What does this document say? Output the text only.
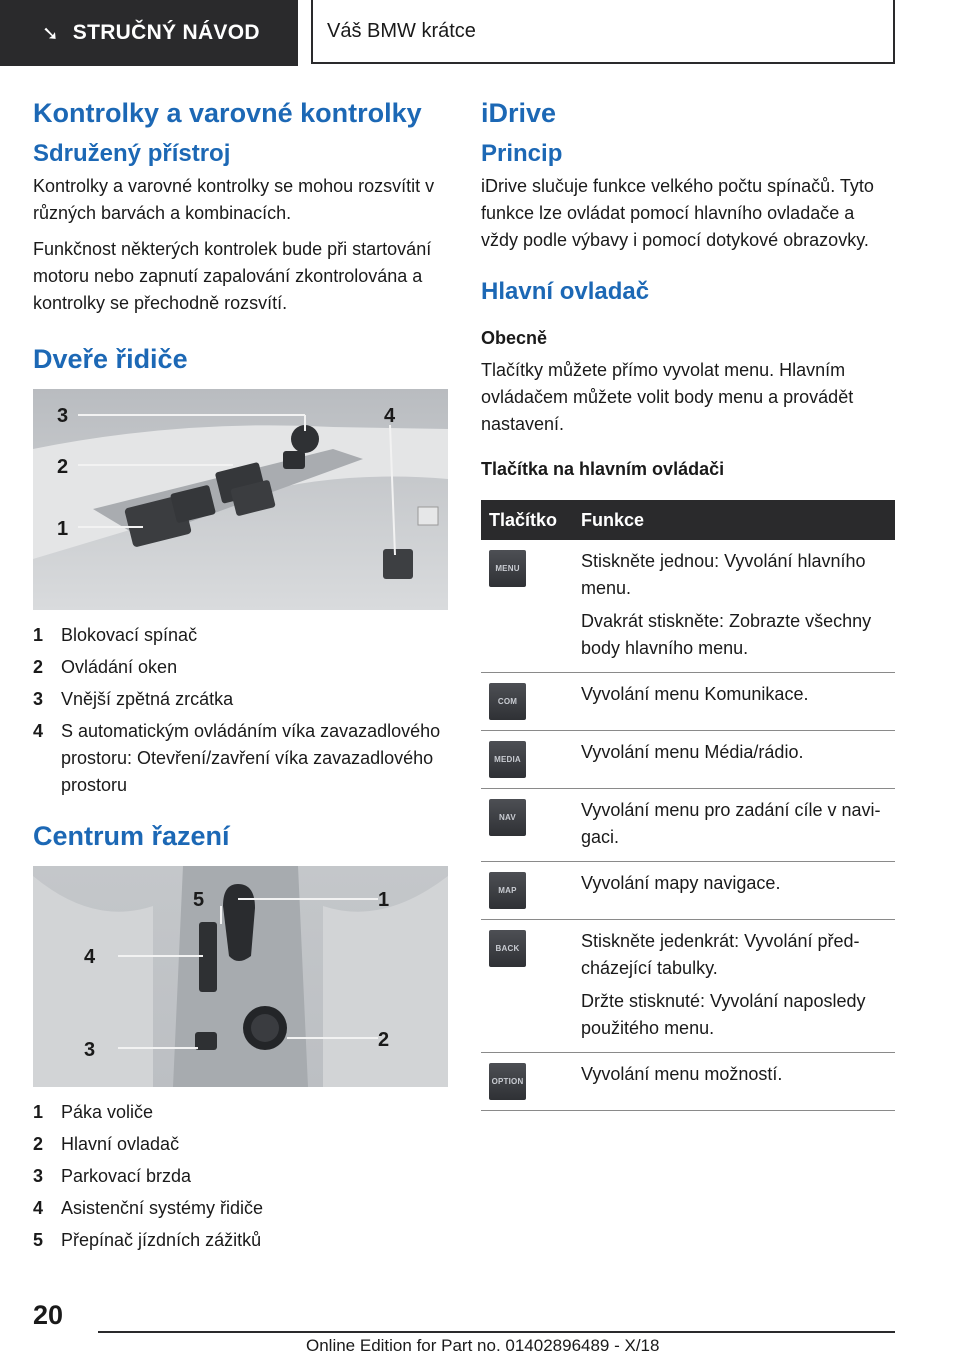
➘ STRUČNÝ NÁVOD	Váš BMW krátce
Kontrolky a varovné kontrolky
Sdružený přístroj

Kontrolky a varovné kontrolky se mohou rozsvítit v různých barvách a kombinacích.

Funkčnost některých kontrolek bude při startování motoru nebo zapnutí zapalování zkontrolována a kontrolky se přechodně rozsvítí.

Dveře řidiče
3	4
2
1
1 Blokovací spínač
2 Ovládání oken
3 Vnější zpětná zrcátka
4 S automatickým ovládáním víka zavazadlového prostoru: Otevření/zavření víka zavazadlového prostoru
Centrum řazení
5	1
4
2
3
1 Páka voliče
2 Hlavní ovladač
3 Parkovací brzda
4 Asistenční systémy řidiče
5 Přepínač jízdních zážitků
iDrive
Princip

iDrive slučuje funkce velkého počtu spínačů. Tyto funkce lze ovládat pomocí hlavního ovladače a vždy podle výbavy i pomocí dotykové obrazovky.

Hlavní ovladač
Obecně

Tlačítky můžete přímo vyvolat menu. Hlavním ovládačem můžete volit body menu a provádět nastavení.

Tlačítka na hlavním ovládači
Tlačítko	Funkce

MENU	Stiskněte jednou: Vyvolání hlavního menu.

Dvakrát stiskněte: Zobrazte všechny body hlavního menu.

COM	Vyvolání menu Komunikace.

MEDIA	Vyvolání menu Média/rádio.

NAV	Vyvolání menu pro zadání cíle v navigaci.

MAP	Vyvolání mapy navigace.

BACK	Stiskněte jedenkrát: Vyvolání předcházející tabulky.

Držte stisknuté: Vyvolání naposledy použitého menu.

OPTION	Vyvolání menu možností.

20
Online Edition for Part no. 01402896489 - X/18
